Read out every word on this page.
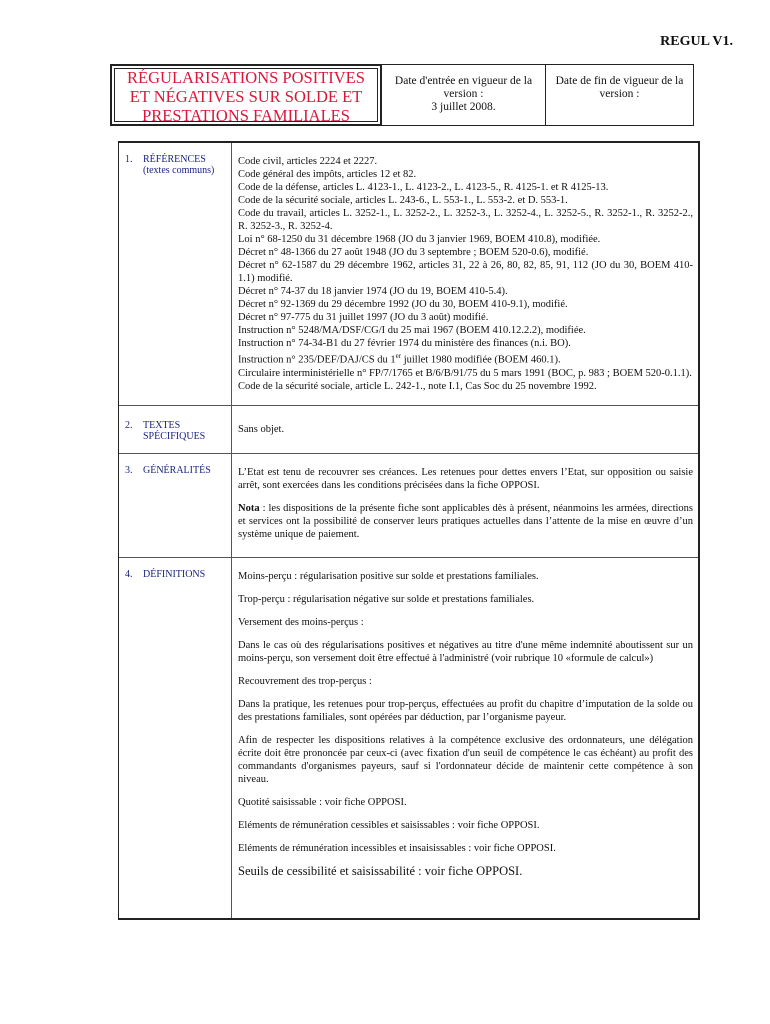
REGUL V1.
RÉGULARISATIONS POSITIVES
ET NÉGATIVES SUR SOLDE ET
PRESTATIONS FAMILIALES
Date d'entrée en vigueur de la version :
3 juillet 2008.
Date de fin de vigueur de la version :
1. RÉFÉRENCES
(textes communs)

Code civil, articles 2224 et 2227.

Code général des impôts, articles 12 et 82.

Code de la défense, articles L. 4123-1., L. 4123-2., L. 4123-5., R. 4125-1. et R 4125-13.

Code de la sécurité sociale, articles L. 243-6., L. 553-1., L. 553-2. et D. 553-1.

Code du travail, articles L. 3252-1., L. 3252-2., L. 3252-3., L. 3252-4., L. 3252-5., R. 3252-1., R. 3252-2., R. 3252-3., R. 3252-4.

Loi n° 68-1250 du 31 décembre 1968 (JO du 3 janvier 1969, BOEM 410.8), modifiée.

Décret n° 48-1366 du 27 août 1948 (JO du 3 septembre ; BOEM 520-0.6), modifié.

Décret n° 62-1587 du 29 décembre 1962, articles 31, 22 à 26, 80, 82, 85, 91, 112 (JO du 30, BOEM 410-1.1) modifié.

Décret n° 74-37 du 18 janvier 1974 (JO du 19, BOEM 410-5.4).

Décret n° 92-1369 du 29 décembre 1992 (JO du 30, BOEM 410-9.1), modifié.

Décret n° 97-775 du 31 juillet 1997 (JO du 3 août) modifié.

Instruction n° 5248/MA/DSF/CG/I du 25 mai 1967 (BOEM 410.12.2.2), modifiée.

Instruction n° 74-34-B1 du 27 février 1974 du ministère des finances (n.i. BO).

Instruction n° 235/DEF/DAJ/CS du 1er juillet 1980 modifiée (BOEM 460.1).

Circulaire interministérielle n° FP/7/1765 et B/6/B/91/75 du 5 mars 1991 (BOC, p. 983 ; BOEM 520-0.1.1).

Code de la sécurité sociale, article L. 242-1., note I.1, Cas Soc du 25 novembre 1992.

2. TEXTES
SPÉCIFIQUES
Sans objet.
3. GÉNÉRALITÉS	L’Etat est tenu de recouvrer ses créances. Les retenues pour dettes envers l’Etat, sur opposition ou saisie arrêt, sont exercées dans les conditions précisées dans la fiche OPPOSI.

Nota : les dispositions de la présente fiche sont applicables dès à présent, néanmoins les armées, directions et services ont la possibilité de conserver leurs pratiques actuelles dans l’attente de la mise en œuvre d’un système unique de paiement.

4. DÉFINITIONS	Moins-perçu : régularisation positive sur solde et prestations familiales.

Trop-perçu : régularisation négative sur solde et prestations familiales.

Versement des moins-perçus :

Dans le cas où des régularisations positives et négatives au titre d'une même indemnité aboutissent sur un moins-perçu, son versement doit être effectué à l'administré (voir rubrique 10 «formule de calcul»)

Recouvrement des trop-perçus :

Dans la pratique, les retenues pour trop-perçus, effectuées au profit du chapitre d’imputation de la solde ou des prestations familiales, sont opérées par déduction, par l’organisme payeur.

Afin de respecter les dispositions relatives à la compétence exclusive des ordonnateurs, une délégation écrite doit être prononcée par ceux-ci (avec fixation d'un seuil de compétence le cas échéant) au profit des commandants d'organismes payeurs, sauf si l'ordonnateur décide de maintenir cette compétence à son niveau.

Quotité saisissable : voir fiche OPPOSI.

Eléments de rémunération cessibles et saisissables : voir fiche OPPOSI.

Eléments de rémunération incessibles et insaisissables : voir fiche OPPOSI.

Seuils de cessibilité et saisissabilité : voir fiche OPPOSI.
